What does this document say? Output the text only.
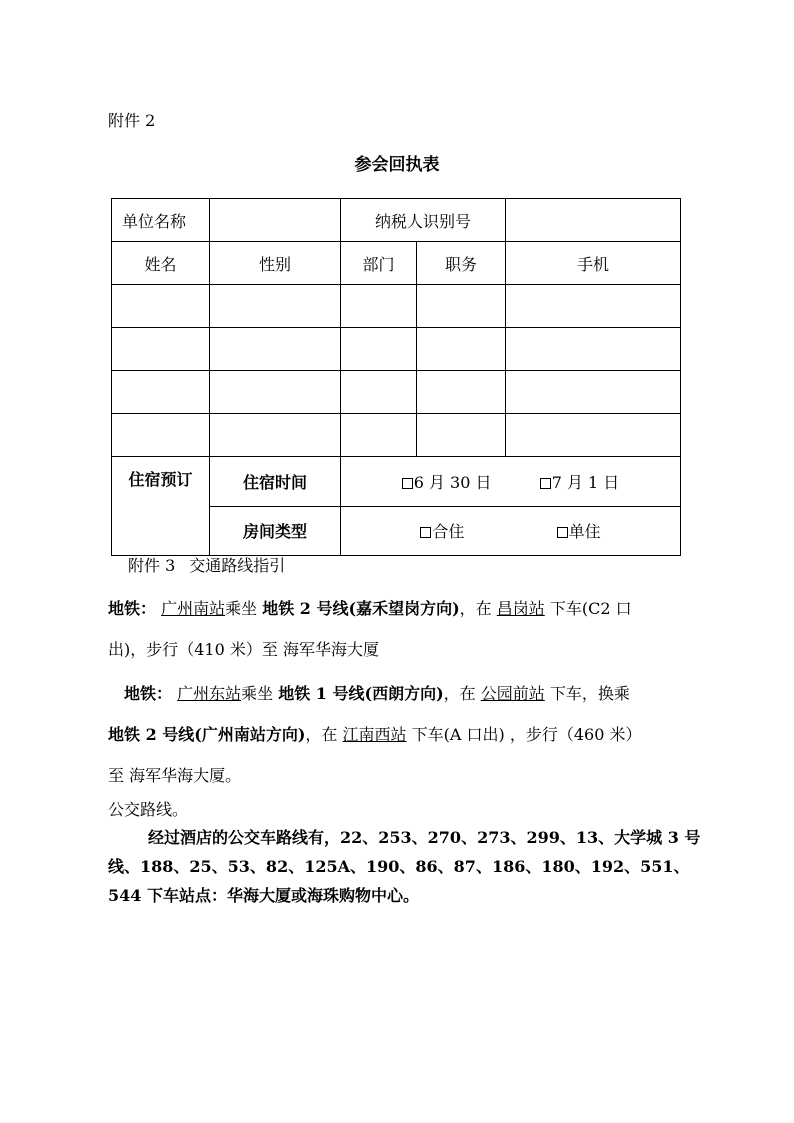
附件 2
参会回执表
单位名称		纳税人识别号		
姓名	性别	部门	职务	手机

住宿预订	住宿时间	6 月 30 日 7 月 1 日		
	房间类型	合住 单住		
附件 3 交通路线指引
地铁： 广州南站乘坐 地铁 2 号线(嘉禾望岗方向)，在 昌岗站 下车(C2 口
出)，步行（410 米）至 海军华海大厦
地铁： 广州东站乘坐 地铁 1 号线(西朗方向)，在 公园前站 下车，换乘
地铁 2 号线(广州南站方向)，在 江南西站 下车(A 口出) ，步行（460 米）
至 海军华海大厦。
公交路线。
经过酒店的公交车路线有，22、253、270、273、299、13、大学城 3 号线、188、25、53、82、125A、190、86、87、186、180、192、551、544 下车站点：华海大厦或海珠购物中心。
